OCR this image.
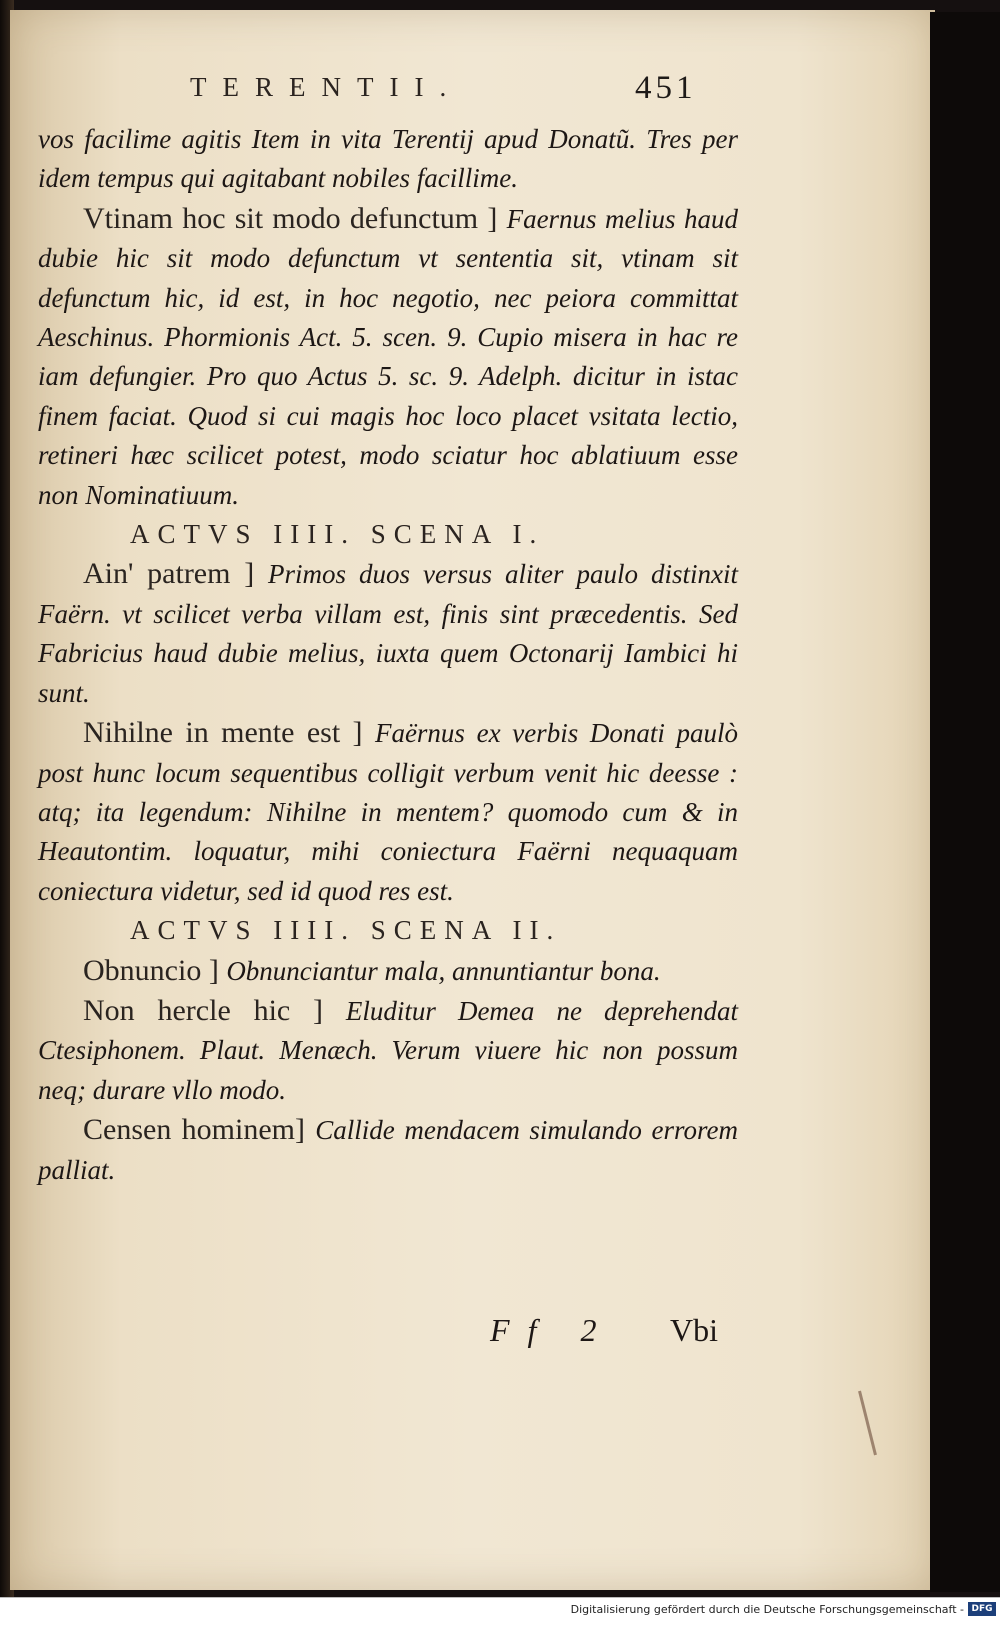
TERENTII.	451

vos facilime agitis Item in vita Terentij apud Donatũ. Tres per idem tempus qui agitabant nobiles facillime.

Vtinam hoc sit modo defunctum ] Faernus melius haud dubie hic sit modo defunctum vt sententia sit, vtinam sit defunctum hic, id est, in hoc negotio, nec peiora committat Aeschinus. Phormionis Act. 5. scen. 9. Cupio misera in hac re iam defungier. Pro quo Actus 5. sc. 9. Adelph. dicitur in istac finem faciat. Quod si cui magis hoc loco placet vsitata lectio, retineri hæc scilicet potest, modo sciatur hoc ablatiuum esse non Nominatiuum.

ACTVS IIII. SCENA I.

Ain' patrem ] Primos duos versus aliter paulo distinxit Faërn. vt scilicet verba villam est, finis sint præcedentis. Sed Fabricius haud dubie melius, iuxta quem Octonarij Iambici hi sunt.

Nihilne in mente est ] Faërnus ex verbis Donati paulò post hunc locum sequentibus colligit verbum venit hic deesse : atq; ita legendum: Nihilne in mentem? quomodo cum & in Heautontim. loquatur, mihi coniectura Faërni nequaquam coniectura videtur, sed id quod res est.

ACTVS IIII. SCENA II.

Obnuncio ] Obnunciantur mala, annuntiantur bona.

Non hercle hic ] Eluditur Demea ne deprehendat Ctesiphonem. Plaut. Menæch. Verum viuere hic non possum neq; durare vllo modo.

Censen hominem] Callide mendacem simulando errorem palliat.

Ff 2 Vbi
Digitalisierung gefördert durch die Deutsche Forschungsgemeinschaft - DFG
